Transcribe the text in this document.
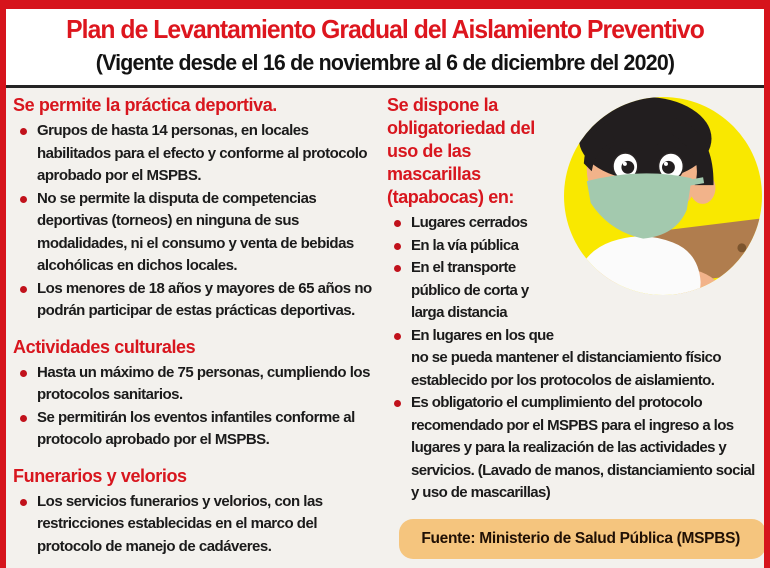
Plan de Levantamiento Gradual del Aislamiento Preventivo
(Vigente desde el 16 de noviembre al 6 de diciembre del 2020)
Se permite la práctica deportiva.
Grupos de hasta 14 personas, en locales habilitados para el efecto y conforme al protocolo aprobado por el MSPBS.
No se permite la disputa de competencias deportivas (torneos) en ninguna de sus modalidades, ni el consumo y venta de bebidas alcohólicas en dichos locales.
Los menores de 18 años y mayores de 65 años no podrán participar de estas prácticas deportivas.
Actividades culturales
Hasta un máximo de 75 personas, cumpliendo los protocolos sanitarios.
Se permitirán los eventos infantiles conforme al protocolo aprobado por el MSPBS.
Funerarios y velorios
Los servicios funerarios y velorios, con las restricciones establecidas en el marco del protocolo de manejo de cadáveres.
Se dispone la obligatoriedad del uso de las mascarillas (tapabocas) en:
Lugares cerrados
En la vía pública
En el transporte público de corta y larga distancia
En lugares en los que no se pueda mantener el distanciamiento físico establecido por los protocolos de aislamiento.
Es obligatorio el cumplimiento del protocolo recomendado por el MSPBS para el ingreso a los lugares y para la realización de las actividades y servicios. (Lavado de manos, distanciamiento social y uso de mascarillas)
Fuente: Ministerio de Salud Pública (MSPBS)
